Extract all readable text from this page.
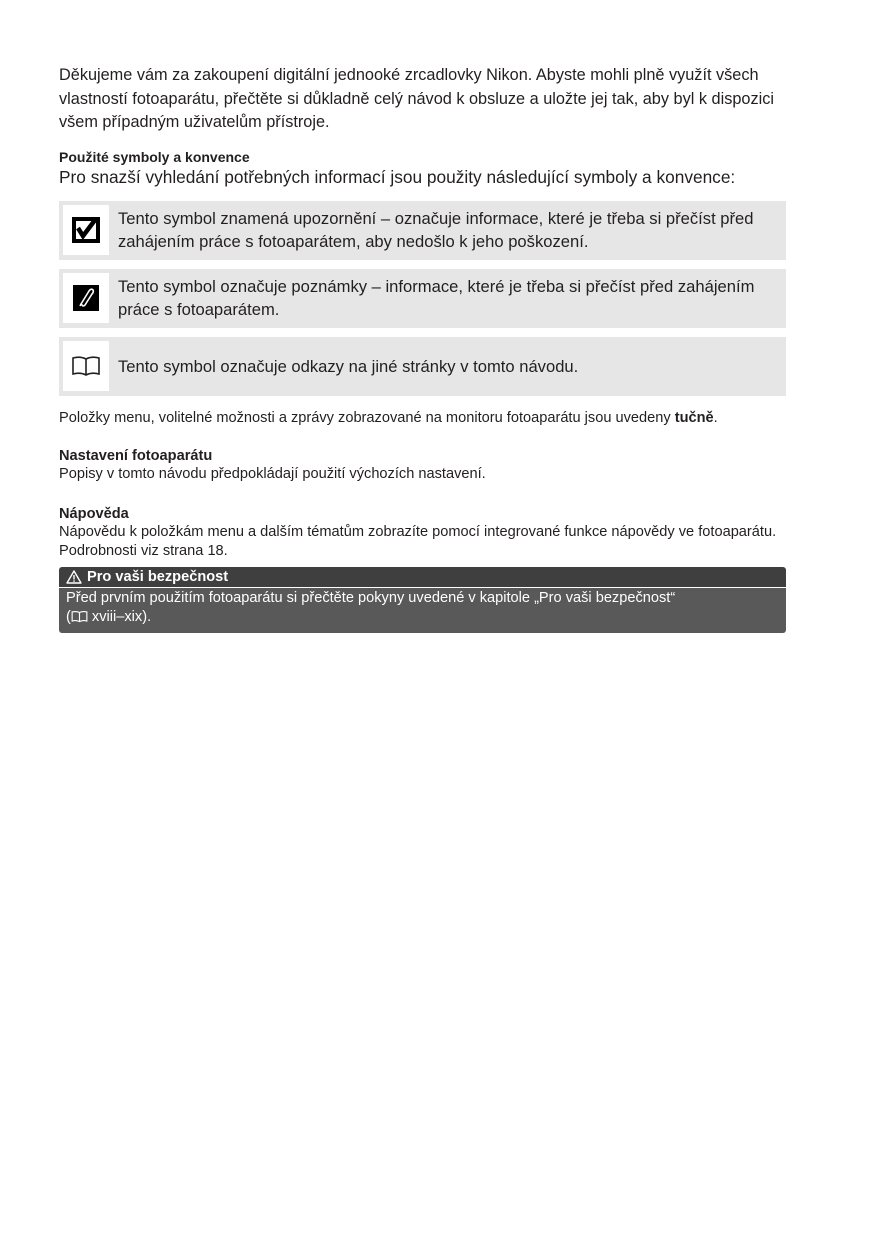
Děkujeme vám za zakoupení digitální jednooké zrcadlovky Nikon. Abyste mohli plně využít všech vlastností fotoaparátu, přečtěte si důkladně celý návod k obsluze a uložte jej tak, aby byl k dispozici všem případným uživatelům přístroje.

Použité symboly a konvence

Pro snazší vyhledání potřebných informací jsou použity následující symboly a konvence:

Tento symbol znamená upozornění – označuje informace, které je třeba si přečíst před zahájením práce s fotoaparátem, aby nedošlo k jeho poškození.
Tento symbol označuje poznámky – informace, které je třeba si přečíst před zahájením práce s fotoaparátem.
Tento symbol označuje odkazy na jiné stránky v tomto návodu.

Položky menu, volitelné možnosti a zprávy zobrazované na monitoru fotoaparátu jsou uvedeny tučně.

Nastavení fotoaparátu

Popisy v tomto návodu předpokládají použití výchozích nastavení.

Nápověda

Nápovědu k položkám menu a dalším tématům zobrazíte pomocí integrované funkce nápovědy ve fotoaparátu. Podrobnosti viz strana 18.

Pro vaši bezpečnost
Před prvním použitím fotoaparátu si přečtěte pokyny uvedené v kapitole „Pro vaši bezpečnost“
( xviii–xix).
